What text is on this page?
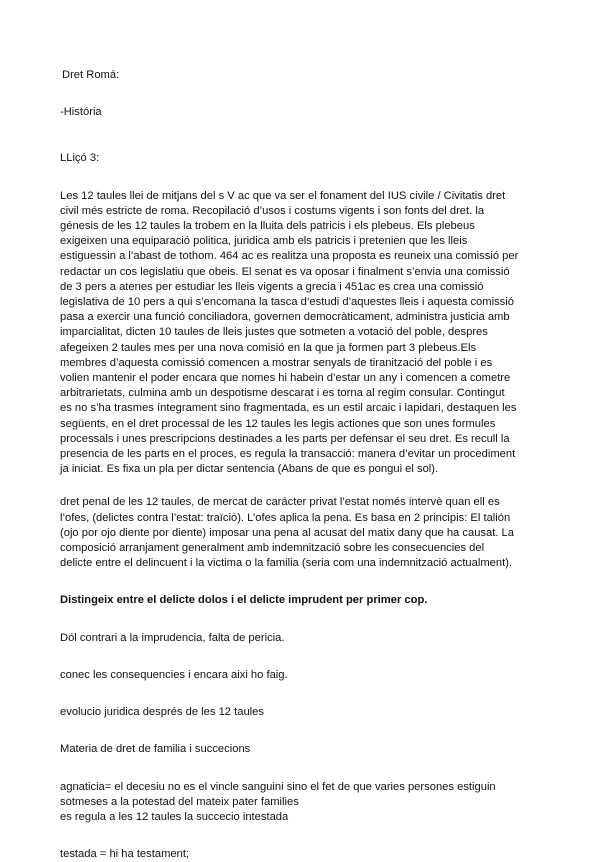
Dret Romá:
-História
LLiçó 3:
Les 12 taules llei de mitjans del s V ac que va ser el fonament del IUS civile / Civitatis dret
civil més estricte de roma. Recopilació d’usos i costums vigents i son fonts del dret. la
génesis de les 12 taules la trobem en la lluita dels patricis i els plebeus. Els plebeus
exigeixen una equiparació politica, juridica amb els patricis i pretenien que les lleis
estiguessin a l’abast de tothom. 464 ac es realitza una proposta es reuneix una comissió per
redactar un cos legislatiu que obeis. El senat es va oposar i finalment s’envia una comissió
de 3 pers a atenes per estudiar les lleis vigents a grecia i 451ac es crea una comissió
legislativa de 10 pers a qui s’encomana la tasca d’estudi d’aquestes lleis i aquesta comissió
pasa a exercir una funció conciliadora, governen democràticament, administra justicia amb
imparcialitat, dicten 10 taules de lleis justes que sotmeten a votació del poble, despres
afegeixen 2 taules mes per una nova comisió en la que ja formen part 3 plebeus.Els
membres d’aquesta comissió comencen a mostrar senyals de tiranització del poble i es
volien mantenir el poder encara que nomes hi habein d’estar un any i comencen a cometre
arbitrarietats, culmina amb un despotisme descarat i es torna al regim consular. Contingut
es no s’ha trasmes íntegrament sino fragmentada, es un estil arcaic i lapidari, destaquen les
següents, en el dret processal de les 12 taules les legis actiones que son unes formules
processals i unes prescripcions destinades a les parts per defensar el seu dret. Es recull la
presencia de les parts en el proces, es regula la transacció: manera d’evitar un procediment
ja iniciat. Es fixa un pla per dictar sentencia (Abans de que es pongui el sol).
dret penal de les 12 taules, de mercat de carácter privat l’estat només intervè quan ell es
l’ofes, (delictes contra l’estat: traïció). L’ofes aplica la pena. Es basa en 2 principis: El talión
(ojo por ojo diente por diente) imposar una pena al acusat del matix dany que ha causat. La
composició arranjament generalment amb indemnització sobre les consecuencies del
delicte entre el delincuent i la victima o la familia (seria com una indemnització actualment).
Distingeix entre el delicte dolos i el delicte imprudent per primer cop.
Dól contrari a la imprudencia, falta de pericia.
conec les consequencies i encara aixi ho faig.
evolucio juridica després de les 12 taules
Materia de dret de familia i succecions
agnaticia= el decesiu no es el vincle sanguini sino el fet de que varies persones estiguin
sotmeses a la potestad del mateix pater families
es regula a les 12 taules la succecio intestada
testada = hi ha testament;
